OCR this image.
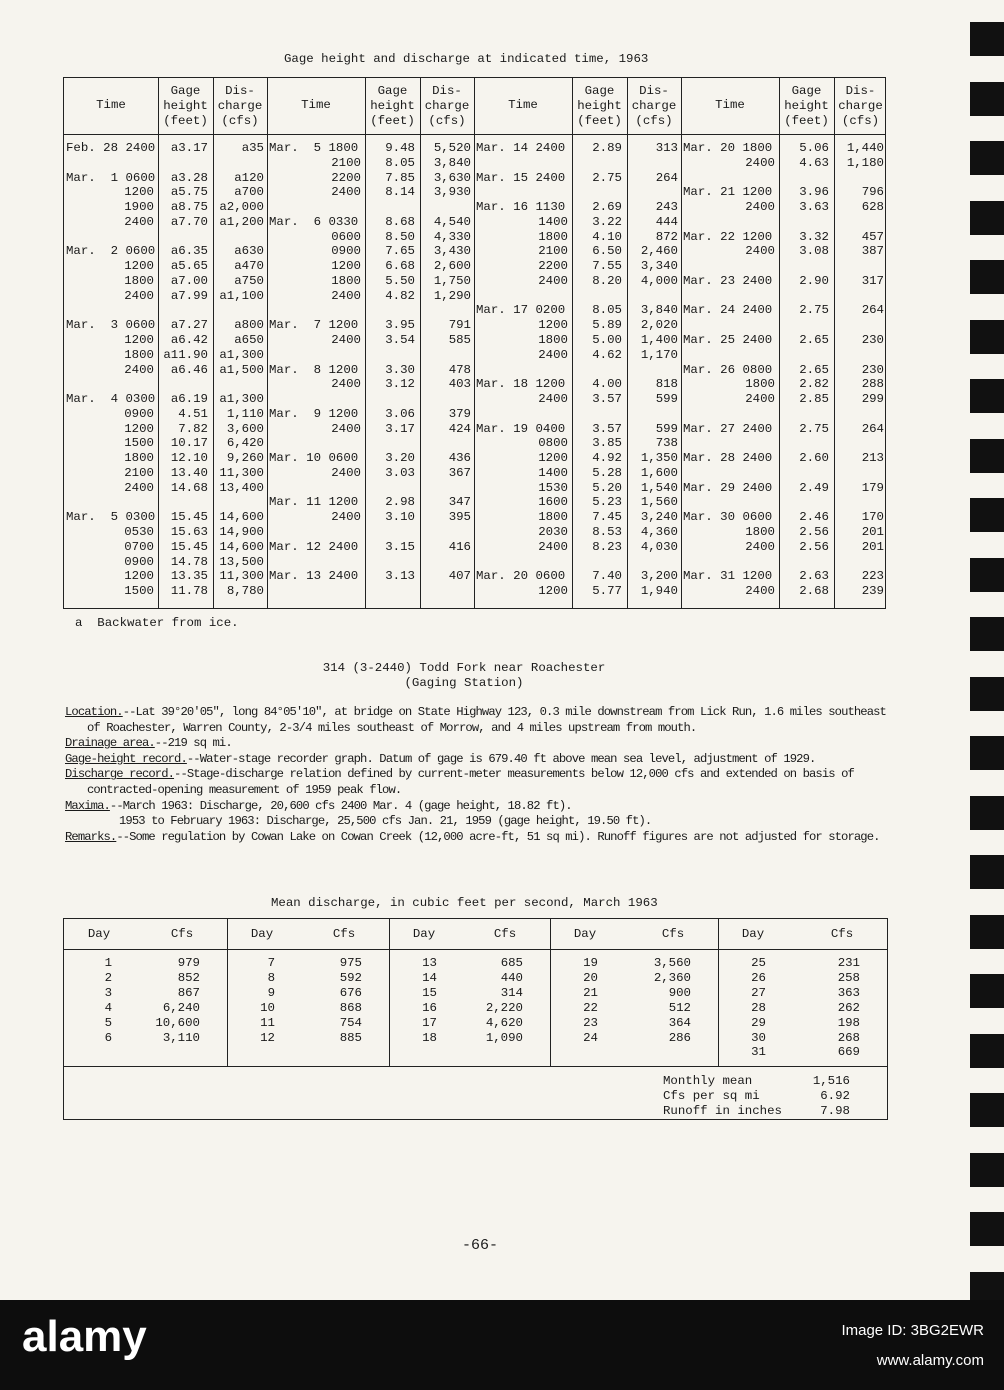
Gage height and discharge at indicated time, 1963
Time
Gage
height
(feet)
Dis-
charge
(cfs)
Feb. 28 2400	a3.17	a35
Mar.  1 0600	a3.28	a120
1200	a5.75	a700
1900	a8.75 a2,000
2400	a7.70 a1,200
Mar.  2 0600	a6.35	a630
1200	a5.65	a470
1800	a7.00	a750
2400	a7.99 a1,100
Mar.  3 0600	a7.27	a800
1200	a6.42	a650
1800 a11.90 a1,300
2400	a6.46 a1,500
Mar.  4 0300	a6.19 a1,300
0900	4.51	1,110
1200	7.82	3,600
1500	10.17	6,420
1800	12.10	9,260
2100	13.40 11,300
2400	14.68 13,400
Mar.  5 0300	15.45 14,600
0530	15.63 14,900
0700	15.45 14,600
0900	14.78 13,500
1200	13.35 11,300
1500	11.78	8,780
Time
Gage
height
(feet)
Dis-
charge
(cfs)
Mar.  5 1800	9.48	5,520
2100	8.05	3,840
2200	7.85	3,630
2400	8.14	3,930
Mar.  6 0330	8.68	4,540
0600	8.50	4,330
0900	7.65	3,430
1200	6.68	2,600
1800	5.50	1,750
2400	4.82	1,290
Mar.  7 1200	3.95	791
2400	3.54	585
Mar.  8 1200	3.30	478
2400	3.12	403
Mar.  9 1200	3.06	379
2400	3.17	424
Mar. 10 0600	3.20	436
2400	3.03	367
Mar. 11 1200	2.98	347
2400	3.10	395
Mar. 12 2400	3.15	416
Mar. 13 2400	3.13	407
Time
Gage
height
(feet)
Dis-
charge
(cfs)
Mar. 14 2400	2.89	313
Mar. 15 2400	2.75	264
Mar. 16 1130	2.69	243
1400	3.22	444
1800	4.10	872
2100	6.50	2,460
2200	7.55	3,340
2400	8.20	4,000
Mar. 17 0200	8.05	3,840
1200	5.89	2,020
1800	5.00	1,400
2400	4.62	1,170
Mar. 18 1200	4.00	818
2400	3.57	599
Mar. 19 0400	3.57	599
0800	3.85	738
1200	4.92	1,350
1400	5.28	1,600
1530	5.20	1,540
1600	5.23	1,560
1800	7.45	3,240
2030	8.53	4,360
2400	8.23	4,030
Mar. 20 0600	7.40	3,200
1200	5.77	1,940
Time
Gage
height
(feet)
Dis-
charge
(cfs)
Mar. 20 1800	5.06	1,440
2400	4.63	1,180
Mar. 21 1200	3.96	796
2400	3.63	628
Mar. 22 1200	3.32	457
2400	3.08	387
Mar. 23 2400	2.90	317
Mar. 24 2400	2.75	264
Mar. 25 2400	2.65	230
Mar. 26 0800	2.65	230
1800	2.82	288
2400	2.85	299
Mar. 27 2400	2.75	264
Mar. 28 2400	2.60	213
Mar. 29 2400	2.49	179
Mar. 30 0600	2.46	170
1800	2.56	201
2400	2.56	201
Mar. 31 1200	2.63	223
2400	2.68	239
a  Backwater from ice.
314 (3-2440) Todd Fork near Roachester
(Gaging Station)

Location.--Lat 39°20'05", long 84°05'10", at bridge on State Highway 123, 0.3 mile downstream from Lick Run, 1.6 miles southeast of Roachester, Warren County, 2-3/4 miles southeast of Morrow, and 4 miles upstream from mouth.

Drainage area.--219 sq mi.

Gage-height record.--Water-stage recorder graph. Datum of gage is 679.40 ft above mean sea level, adjustment of 1929.

Discharge record.--Stage-discharge relation defined by current-meter measurements below 12,000 cfs and extended on basis of contracted-opening measurement of 1959 peak flow.

Maxima.--March 1963: Discharge, 20,600 cfs 2400 Mar. 4 (gage height, 18.82 ft).
1953 to February 1963: Discharge, 25,500 cfs Jan. 21, 1959 (gage height, 19.50 ft).

Remarks.--Some regulation by Cowan Lake on Cowan Creek (12,000 acre-ft, 51 sq mi). Runoff figures are not adjusted for storage.

Mean discharge, in cubic feet per second, March 1963
Day	Cfs
1	979
2	852
3	867
4	6,240
5	10,600
6	3,110
Day	Cfs
7	975
8	592
9	676
10	868
11	754
12	885
Day	Cfs
13	685
14	440
15	314
16	2,220
17	4,620
18	1,090
Day	Cfs
19	3,560
20	2,360
21	900
22	512
23	364
24	286
Day	Cfs
25	231
26	258
27	363
28	262
29	198
30	268
31	669
Monthly mean	1,516
Cfs per sq mi	6.92
Runoff in inches	7.98
-66-
alamy	Image ID: 3BG2EWR
www.alamy.com
